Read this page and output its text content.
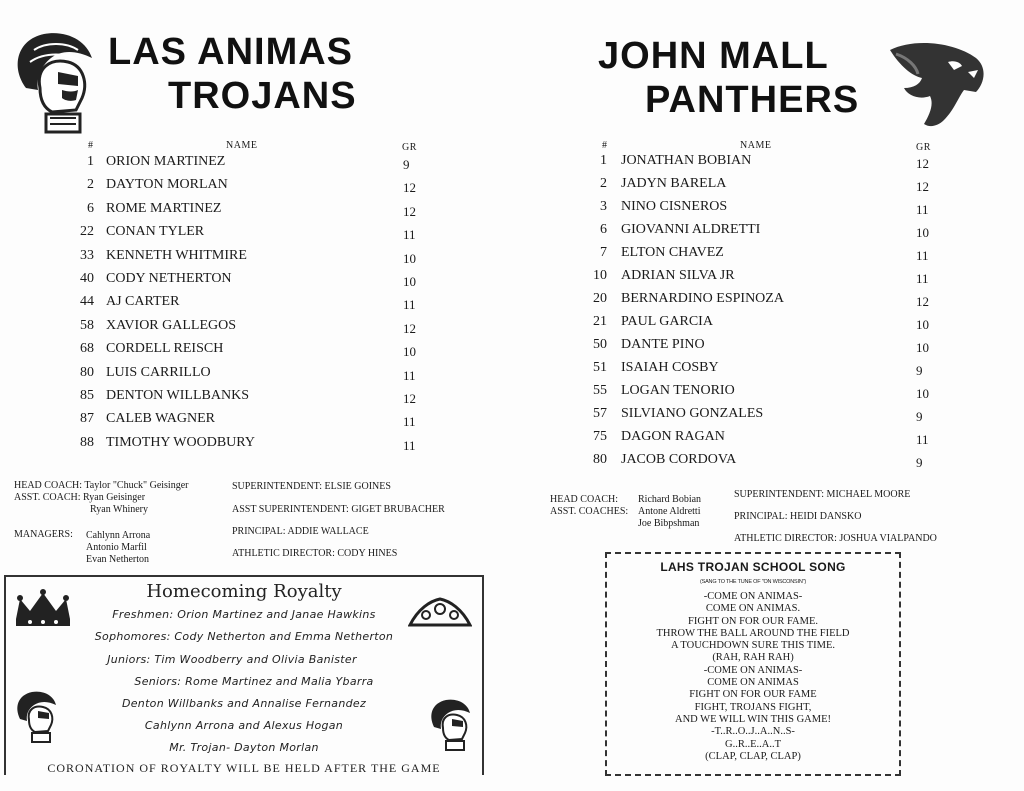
LAS ANIMAS
TROJANS
#	NAME	GR
1 ORION MARTINEZ	9
2 DAYTON MORLAN	12
6 ROME MARTINEZ	12
22 CONAN TYLER	11
33 KENNETH WHITMIRE	10
40 CODY NETHERTON	10
44 AJ CARTER	11
58 XAVIOR GALLEGOS	12
68 CORDELL REISCH	10
80 LUIS CARRILLO	11
85 DENTON WILLBANKS	12
87 CALEB WAGNER	11
88 TIMOTHY WOODBURY	11
HEAD COACH: Taylor "Chuck" Geisinger
ASST. COACH: Ryan Geisinger
Ryan Whinery
MANAGERS: Cahlynn Arrona
Antonio Marfil
Evan Netherton
SUPERINTENDENT: ELSIE GOINES
ASST SUPERINTENDENT: GIGET BRUBACHER
PRINCIPAL: ADDIE WALLACE
ATHLETIC DIRECTOR: CODY HINES
JOHN MALL
PANTHERS
#	NAME	GR
1 JONATHAN BOBIAN	12
2 JADYN BARELA	12
3 NINO CISNEROS	11
6 GIOVANNI ALDRETTI	10
7 ELTON CHAVEZ	11
10 ADRIAN SILVA JR	11
20 BERNARDINO ESPINOZA	12
21 PAUL GARCIA	10
50 DANTE PINO	10
51 ISAIAH COSBY	9
55 LOGAN TENORIO	10
57 SILVIANO GONZALES	9
75 DAGON RAGAN	11
80 JACOB CORDOVA	9
HEAD COACH: Richard Bobian
ASST. COACHES: Antone Aldretti
Joe Bibpshman
SUPERINTENDENT: MICHAEL MOORE
PRINCIPAL: HEIDI DANSKO
ATHLETIC DIRECTOR: JOSHUA VIALPANDO
Homecoming Royalty
Freshmen: Orion Martinez and Janae Hawkins
Sophomores: Cody Netherton and Emma Netherton
Juniors: Tim Woodberry and Olivia Banister
Seniors: Rome Martinez and Malia Ybarra
Denton Willbanks and Annalise Fernandez
Cahlynn Arrona and Alexus Hogan
Mr. Trojan- Dayton Morlan
CORONATION OF ROYALTY WILL BE HELD AFTER THE GAME
LAHS TROJAN SCHOOL SONG
(SANG TO THE TUNE OF "ON WISCONSIN")
-COME ON ANIMAS-
COME ON ANIMAS.
FIGHT ON FOR OUR FAME.
THROW THE BALL AROUND THE FIELD
A TOUCHDOWN SURE THIS TIME.
(RAH, RAH RAH)
-COME ON ANIMAS-
COME ON ANIMAS
FIGHT ON FOR OUR FAME
FIGHT, TROJANS FIGHT,
AND WE WILL WIN THIS GAME!
-T..R..O..J..A..N..S-
G..R..E..A..T
(CLAP, CLAP, CLAP)
